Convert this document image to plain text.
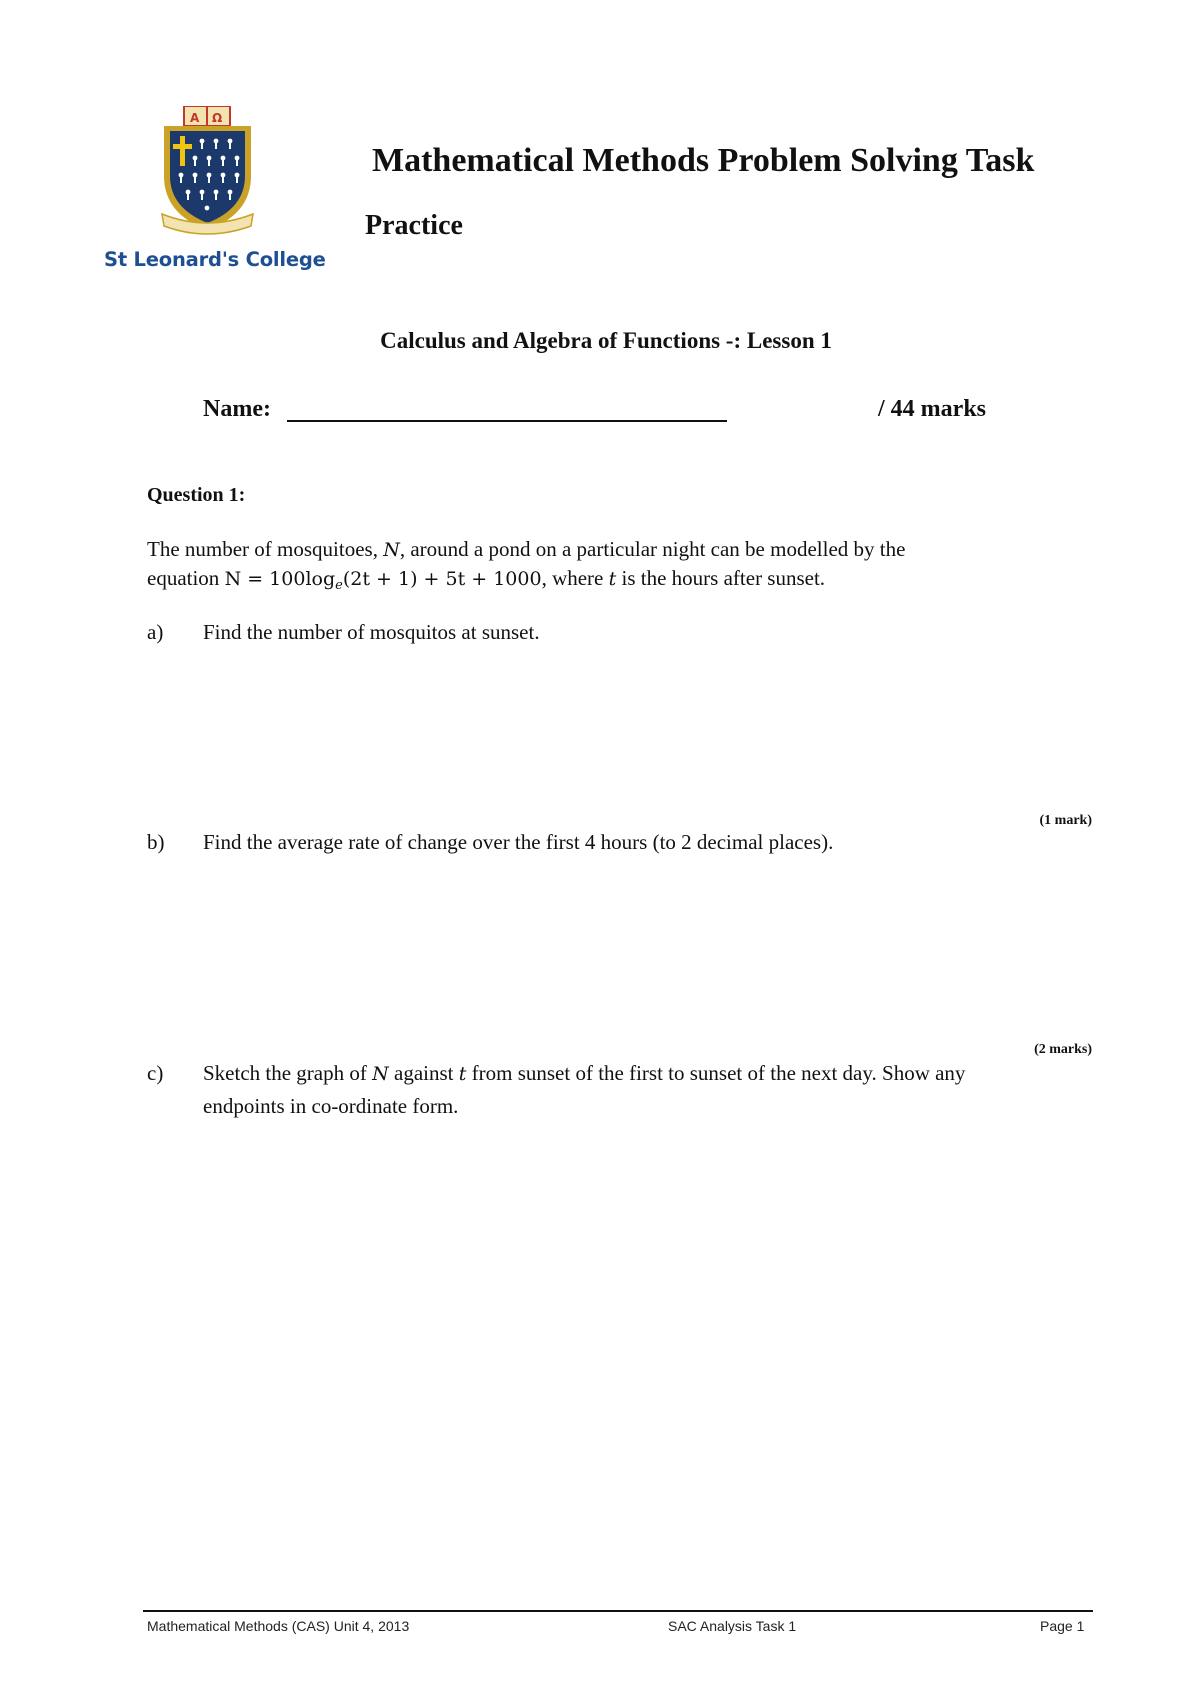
A Ω
St Leonard's College
Mathematical Methods Problem Solving Task
Practice
Calculus and Algebra of Functions -: Lesson 1
Name:	/ 44 marks
Question 1:
The number of mosquitoes, N, around a pond on a particular night can be modelled by the
equation $N = 100\log_e(2t + 1) + 5t + 1000$, where t is the hours after sunset.
a) Find the number of mosquitos at sunset.
(1 mark)
b) Find the average rate of change over the first 4 hours (to 2 decimal places).
(2 marks)
c) Sketch the graph of N against t from sunset of the first to sunset of the next day. Show any
endpoints in co-ordinate form.
Mathematical Methods (CAS) Unit 4, 2013	SAC Analysis Task 1	Page 1
